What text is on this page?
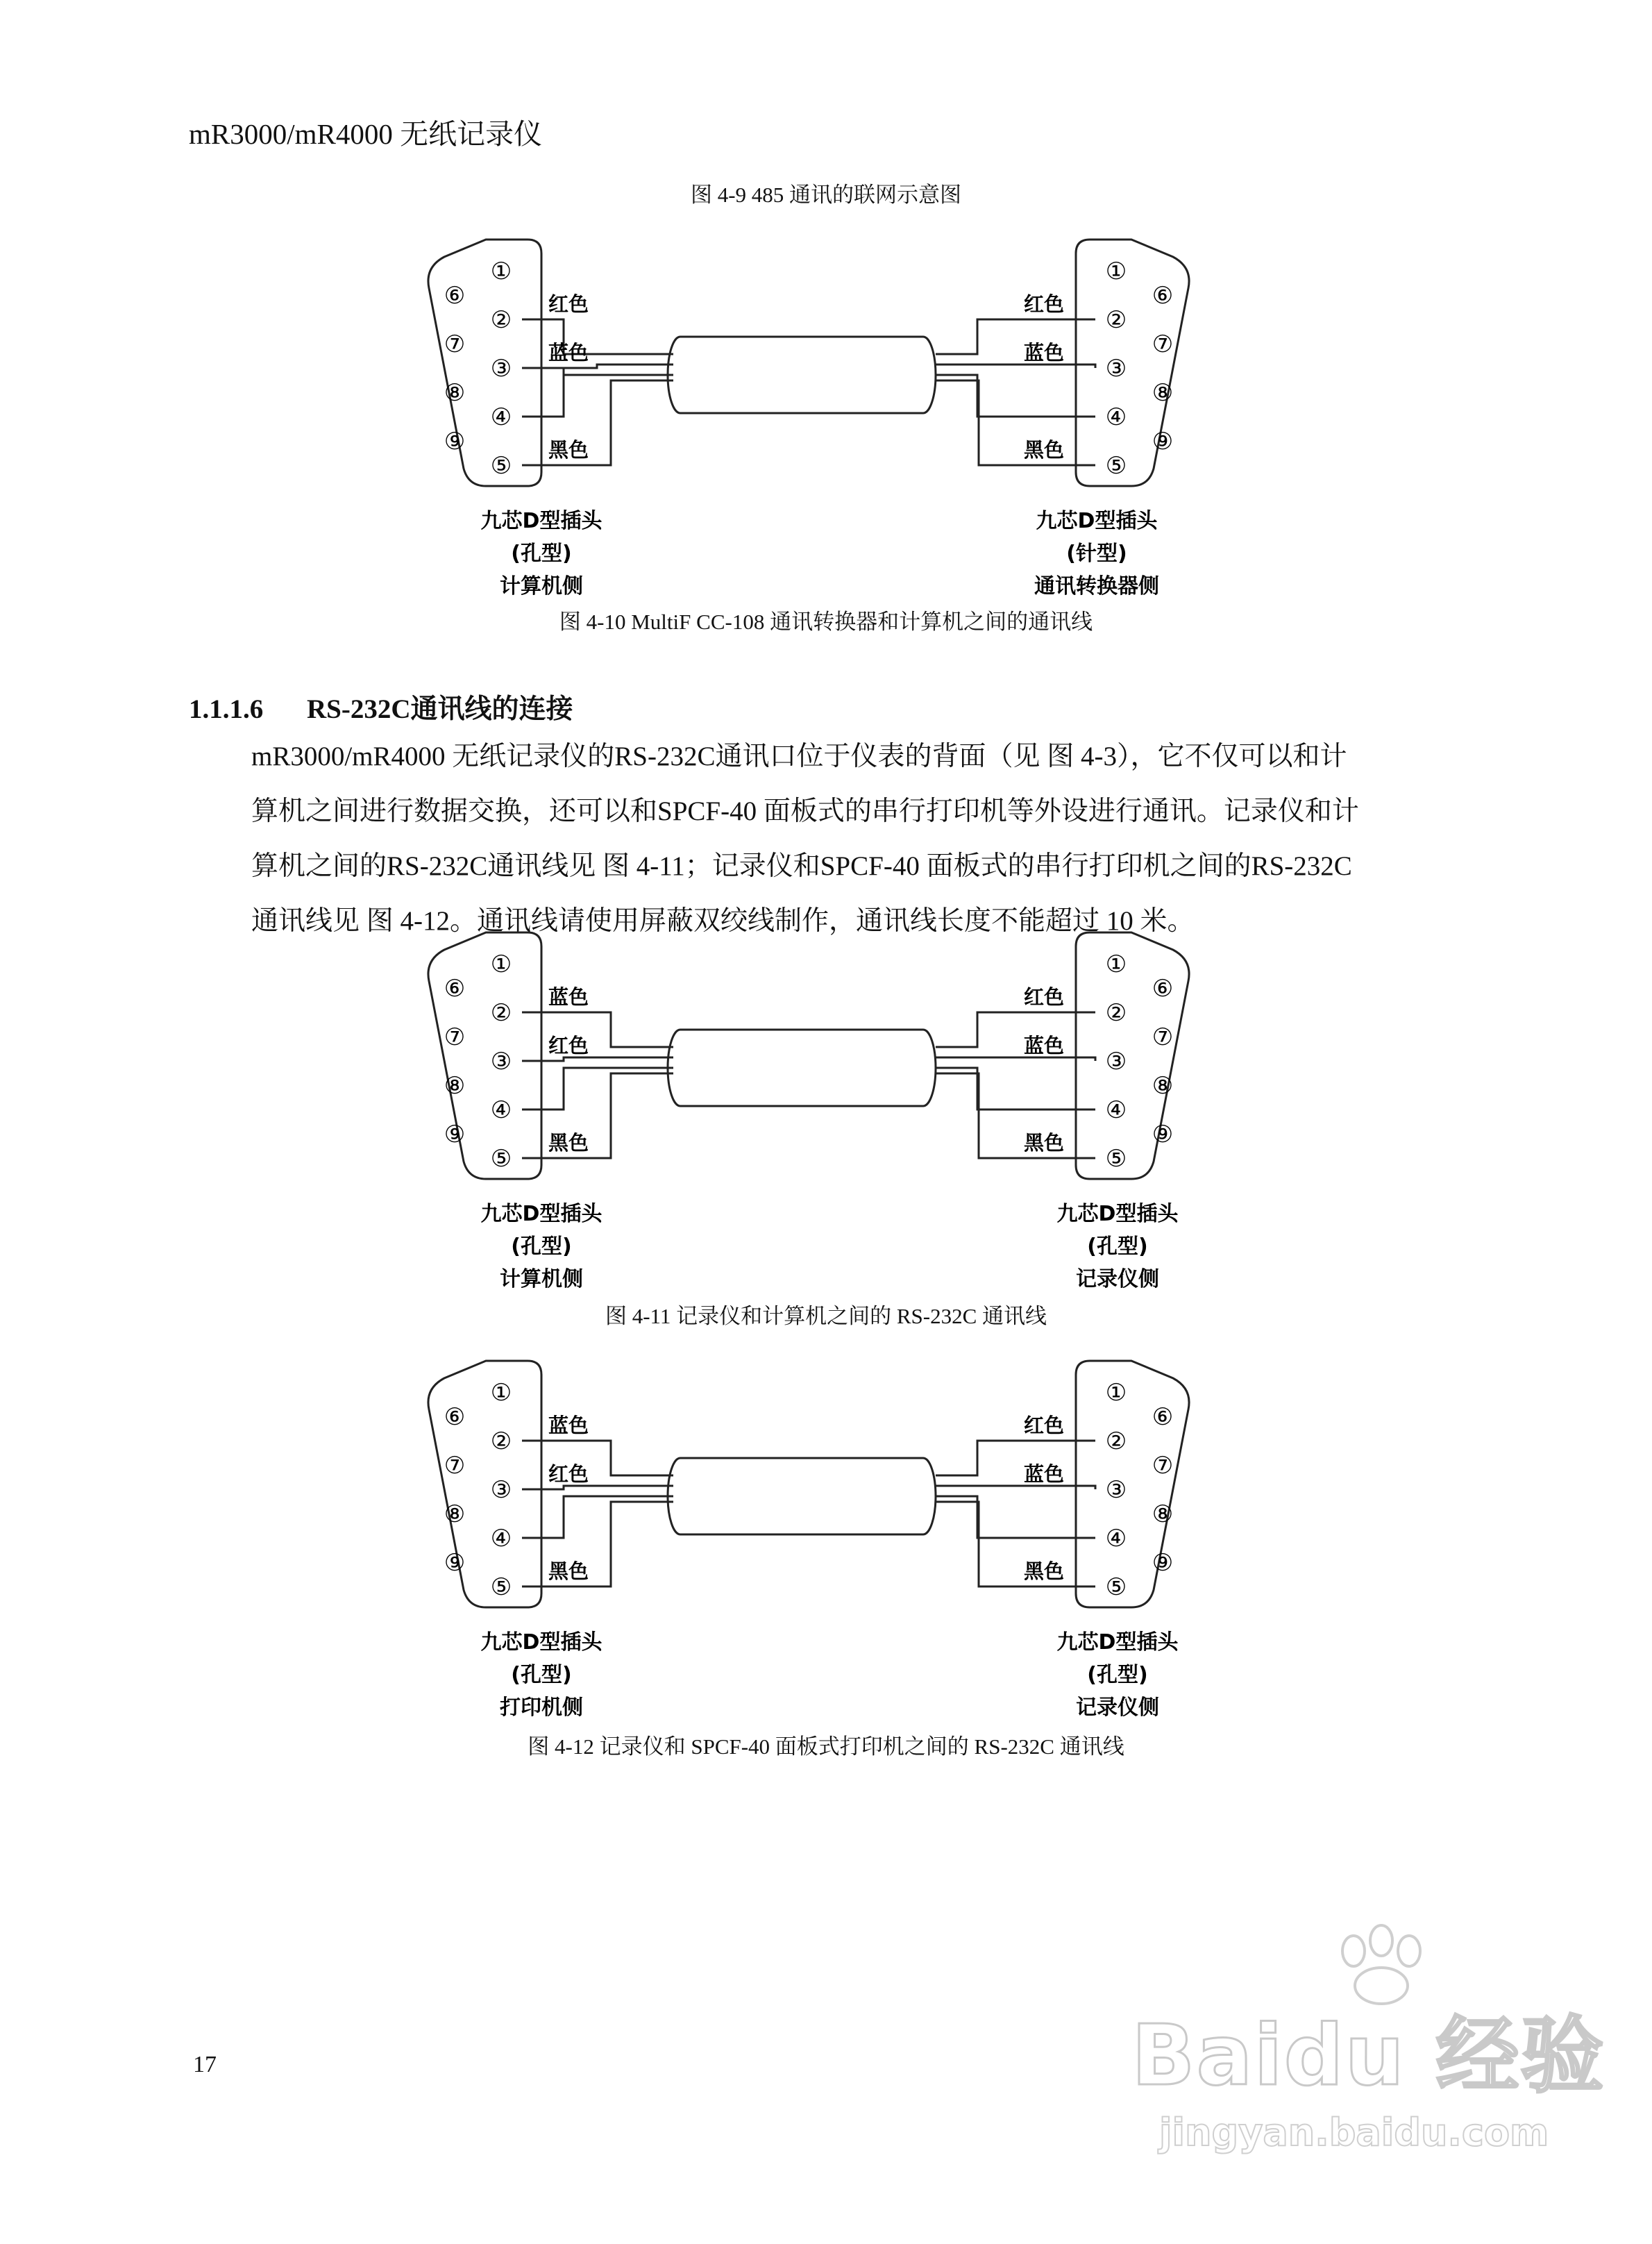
mR3000/mR4000 无纸记录仪
图 4-9 485 通讯的联网示意图
①
②
③
④
⑤
⑥
⑦
⑧
⑨
①
②
③
④
⑤
⑥
⑦
⑧
⑨
红色
蓝色
黑色
红色
蓝色
黑色
九芯D型插头
(孔型)
计算机侧
九芯D型插头
(针型)
通讯转换器侧
图 4-10 MultiF CC-108 通讯转换器和计算机之间的通讯线
1.1.1.6 RS-232C通讯线的连接

mR3000/mR4000 无纸记录仪的RS-232C通讯口位于仪表的背面（见 图 4-3），它不仅可以和计

算机之间进行数据交换，还可以和SPCF-40 面板式的串行打印机等外设进行通讯。记录仪和计

算机之间的RS-232C通讯线见 图 4-11；记录仪和SPCF-40 面板式的串行打印机之间的RS-232C

通讯线见 图 4-12。通讯线请使用屏蔽双绞线制作，通讯线长度不能超过 10 米。

①
②
③
④
⑤
⑥
⑦
⑧
⑨
①
②
③
④
⑤
⑥
⑦
⑧
⑨
蓝色
红色
黑色
红色
蓝色
黑色
九芯D型插头
(孔型)
计算机侧
九芯D型插头
(孔型)
记录仪侧
图 4-11 记录仪和计算机之间的 RS-232C 通讯线
①
②
③
④
⑤
⑥
⑦
⑧
⑨
①
②
③
④
⑤
⑥
⑦
⑧
⑨
蓝色
红色
黑色
红色
蓝色
黑色
九芯D型插头
(孔型)
打印机侧
九芯D型插头
(孔型)
记录仪侧
图 4-12 记录仪和 SPCF-40 面板式打印机之间的 RS-232C 通讯线
17	Baidu 经验
jingyan.baidu.com
